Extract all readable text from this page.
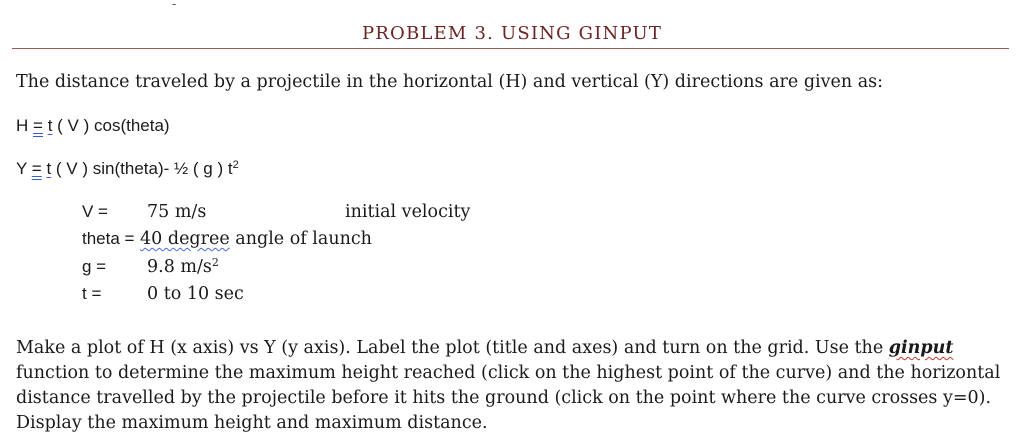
-
PROBLEM 3. USING GINPUT
The distance traveled by a projectile in the horizontal (H) and vertical (Y) directions are given as:
H = t ( V ) cos(theta)
Y = t ( V ) sin(theta)- ½ ( g ) $t^2$
V = 75 m/s	initial velocity
theta = 40 degree angle of launch
g = 9.8 $m/s^2$
t =	0 to 10 sec
Make a plot of H (x axis) vs Y (y axis). Label the plot (title and axes) and turn on the grid. Use the ginput function to determine the maximum height reached (click on the highest point of the curve) and the horizontal distance travelled by the projectile before it hits the ground (click on the point where the curve crosses y=0). Display the maximum height and maximum distance.
